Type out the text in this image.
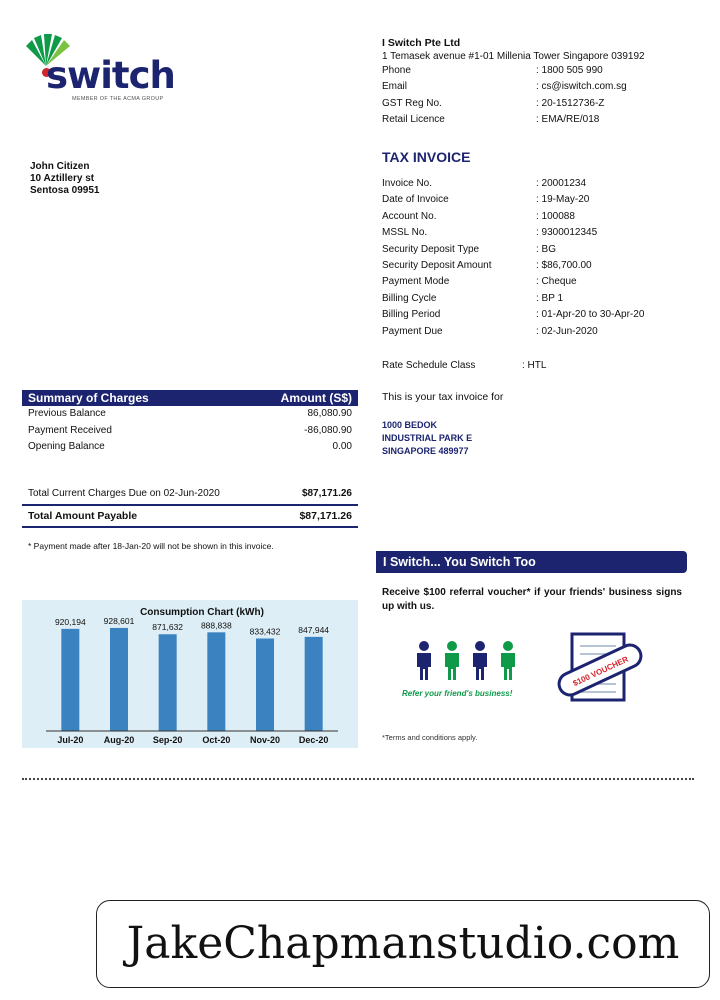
switch
MEMBER OF THE ACMA GROUP
I Switch Pte Ltd
1 Temasek avenue #1-01 Millenia Tower Singapore 039192
Phone	: 1800 505 990
Email	: cs@iswitch.com.sg
GST Reg No.	: 20-1512736-Z
Retail Licence	: EMA/RE/018
John Citizen
10 Aztillery st
Sentosa 09951
TAX INVOICE
Invoice No.	: 20001234
Date of Invoice	: 19-May-20
Account No.	: 100088
MSSL No.	: 9300012345
Security Deposit Type	: BG
Security Deposit Amount	: $86,700.00
Payment Mode	: Cheque
Billing Cycle	: BP 1
Billing Period	: 01-Apr-20 to 30-Apr-20
Payment Due	: 02-Jun-2020
Rate Schedule Class	: HTL
This is your tax invoice for
1000 BEDOK
INDUSTRIAL PARK E
SINGAPORE 489977
Summary of Charges	Amount (S$)
Previous Balance	86,080.90
Payment Received	-86,080.90
Opening Balance	0.00
Total Current Charges Due on 02-Jun-2020	$87,171.26
Total Amount Payable	$87,171.26
* Payment made after 18-Jan-20 will not be shown in this invoice.
Consumption Chart (kWh)
920,194
Jul-20
928,601
Aug-20
871,632
Sep-20
888,838
Oct-20
833,432
Nov-20
847,944
Dec-20
I Switch... You Switch Too
Receive $100 referral voucher* if your friends' business signs up with us.
Refer your friend's business!
$100 VOUCHER
*Terms and conditions apply.
JakeChapmanstudio.com
